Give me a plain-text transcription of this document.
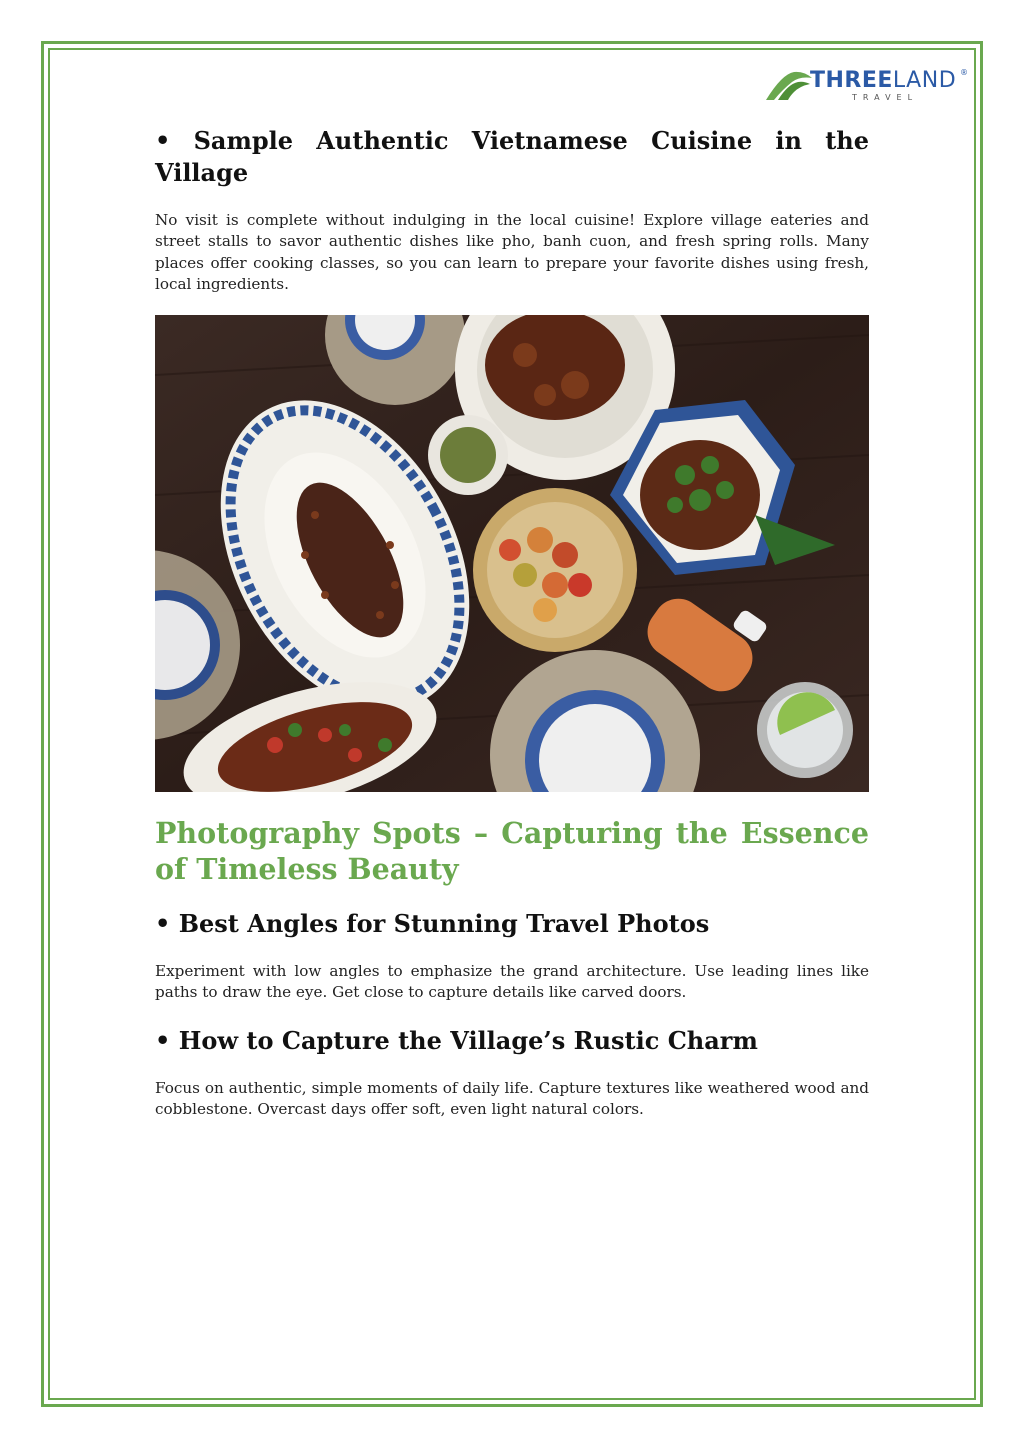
THREELAND ®
TRAVEL
• Sample Authentic Vietnamese Cuisine in the Village

No visit is complete without indulging in the local cuisine! Explore village eateries and street stalls to savor authentic dishes like pho, banh cuon, and fresh spring rolls. Many places offer cooking classes, so you can learn to prepare your favorite dishes using fresh, local ingredients.

Photography Spots – Capturing the Essence of Timeless Beauty
• Best Angles for Stunning Travel Photos

Experiment with low angles to emphasize the grand architecture. Use leading lines like paths to draw the eye. Get close to capture details like carved doors.

• How to Capture the Village’s Rustic Charm

Focus on authentic, simple moments of daily life. Capture textures like weathered wood and cobblestone. Overcast days offer soft, even light natural colors.
